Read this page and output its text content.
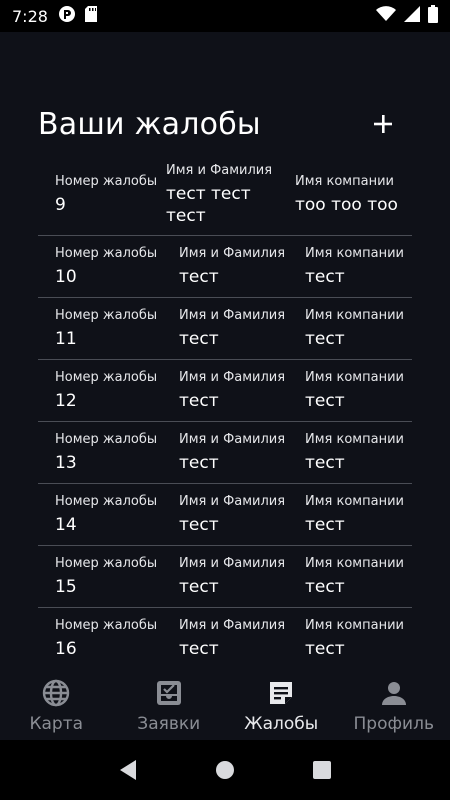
7:28
Ваши жалобы
Номер жалобы
9
Имя и Фамилия
тест тест тест
Имя компании
тоо тоо тоо
Номер жалобы
10
Имя и Фамилия
тест
Имя компании
тест
Номер жалобы
11
Имя и Фамилия
тест
Имя компании
тест
Номер жалобы
12
Имя и Фамилия
тест
Имя компании
тест
Номер жалобы
13
Имя и Фамилия
тест
Имя компании
тест
Номер жалобы
14
Имя и Фамилия
тест
Имя компании
тест
Номер жалобы
15
Имя и Фамилия
тест
Имя компании
тест
Номер жалобы
16
Имя и Фамилия
тест
Имя компании
тест
Карта	Заявки	Жалобы Профиль
